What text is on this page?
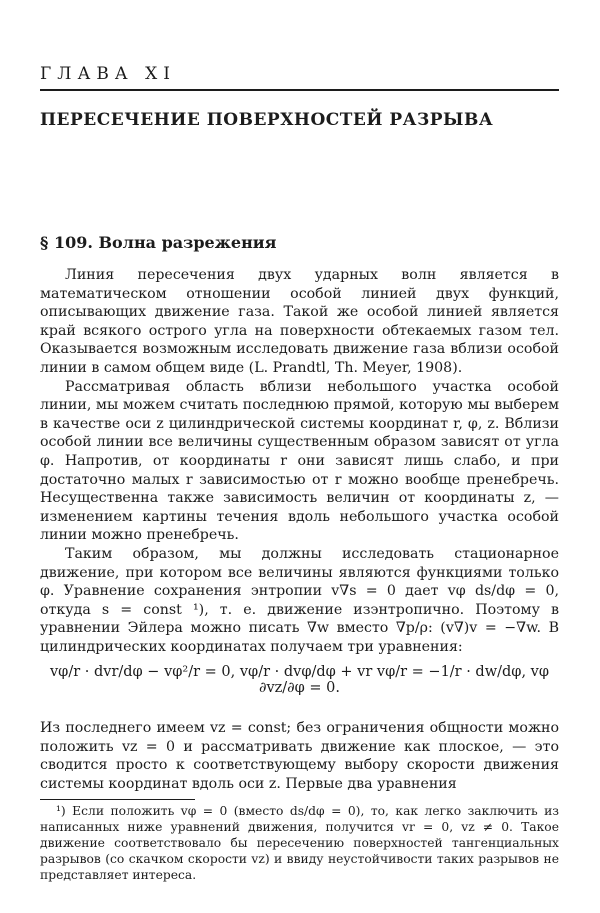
ГЛАВА XI
ПЕРЕСЕЧЕНИЕ ПОВЕРХНОСТЕЙ РАЗРЫВА
§ 109. Волна разрежения

Линия пересечения двух ударных волн является в математическом отношении особой линией двух функций, описывающих движение газа. Такой же особой линией является край всякого острого угла на поверхности обтекаемых газом тел. Оказывается возможным исследовать движение газа вблизи особой линии в самом общем виде (L. Prandtl, Th. Meyer, 1908).

Рассматривая область вблизи небольшого участка особой линии, мы можем считать последнюю прямой, которую мы выберем в качестве оси z цилиндрической системы координат r, φ, z. Вблизи особой линии все величины существенным образом зависят от угла φ. Напротив, от координаты r они зависят лишь слабо, и при достаточно малых r зависимостью от r можно вообще пренебречь. Несущественна также зависимость величин от координаты z, — изменением картины течения вдоль небольшого участка особой линии можно пренебречь.

Таким образом, мы должны исследовать стационарное движение, при котором все величины являются функциями только φ. Уравнение сохранения энтропии v∇s = 0 дает vφ ds/dφ = 0, откуда s = const ¹), т. е. движение изэнтропично. Поэтому в уравнении Эйлера можно писать ∇w вместо ∇p/ρ: (v∇)v = −∇w. В цилиндрических координатах получаем три уравнения:

vφ/r · dvr/dφ − vφ²/r = 0, vφ/r · dvφ/dφ + vr vφ/r = −1/r · dw/dφ, vφ ∂vz/∂φ = 0.
Из последнего имеем vz = const; без ограничения общности можно положить vz = 0 и рассматривать движение как плоское, — это сводится просто к соответствующему выбору скорости движения системы координат вдоль оси z. Первые два уравнения

¹) Если положить vφ = 0 (вместо ds/dφ = 0), то, как легко заключить из написанных ниже уравнений движения, получится vr = 0, vz ≠ 0. Такое движение соответствовало бы пересечению поверхностей тангенциальных разрывов (со скачком скорости vz) и ввиду неустойчивости таких разрывов не представляет интереса.
